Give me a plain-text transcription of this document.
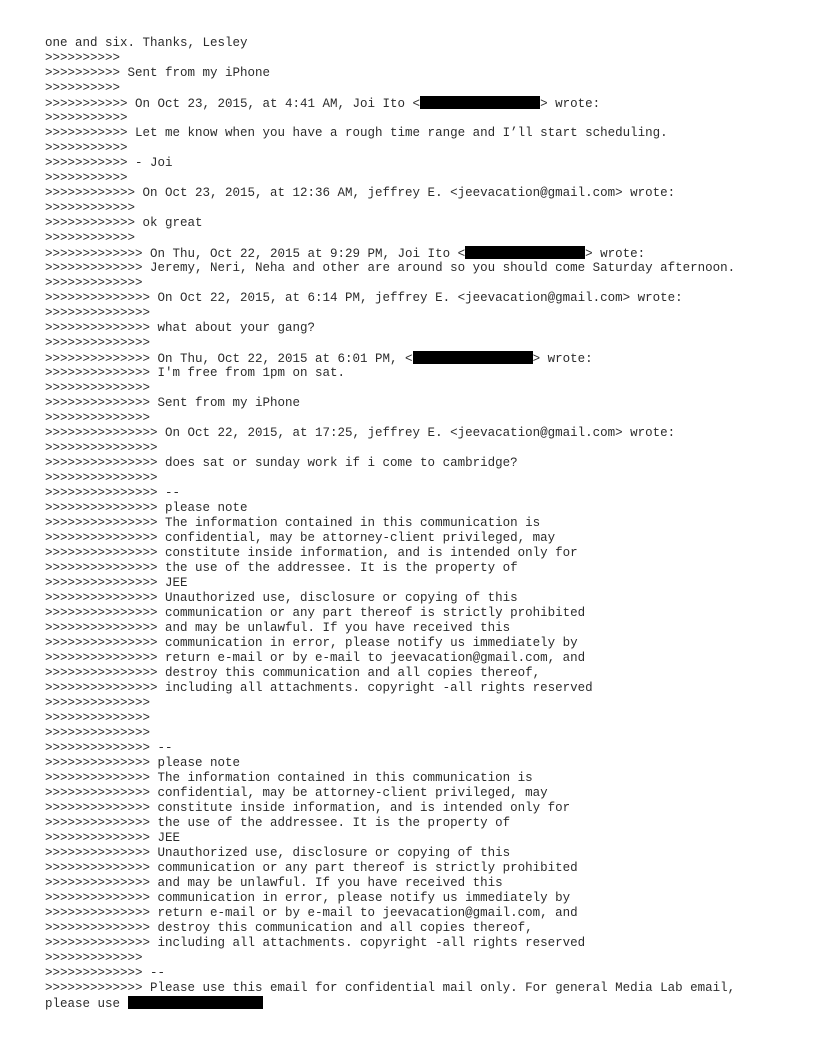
one and six. Thanks, Lesley
>>>>>>>>>>
>>>>>>>>>> Sent from my iPhone
>>>>>>>>>>
>>>>>>>>>>> On Oct 23, 2015, at 4:41 AM, Joi Ito <	> wrote:
>>>>>>>>>>>
>>>>>>>>>>> Let me know when you have a rough time range and I’ll start scheduling.
>>>>>>>>>>>
>>>>>>>>>>> - Joi
>>>>>>>>>>>
>>>>>>>>>>>> On Oct 23, 2015, at 12:36 AM, jeffrey E. <jeevacation@gmail.com> wrote:
>>>>>>>>>>>>
>>>>>>>>>>>> ok great
>>>>>>>>>>>>
>>>>>>>>>>>>> On Thu, Oct 22, 2015 at 9:29 PM, Joi Ito <	> wrote:
>>>>>>>>>>>>> Jeremy, Neri, Neha and other are around so you should come Saturday afternoon.
>>>>>>>>>>>>>
>>>>>>>>>>>>>> On Oct 22, 2015, at 6:14 PM, jeffrey E. <jeevacation@gmail.com> wrote:
>>>>>>>>>>>>>>
>>>>>>>>>>>>>> what about your gang?
>>>>>>>>>>>>>>
>>>>>>>>>>>>>> On Thu, Oct 22, 2015 at 6:01 PM, <	> wrote:
>>>>>>>>>>>>>> I'm free from 1pm on sat.
>>>>>>>>>>>>>>
>>>>>>>>>>>>>> Sent from my iPhone
>>>>>>>>>>>>>>
>>>>>>>>>>>>>>> On Oct 22, 2015, at 17:25, jeffrey E. <jeevacation@gmail.com> wrote:
>>>>>>>>>>>>>>>
>>>>>>>>>>>>>>> does sat or sunday work if i come to cambridge?
>>>>>>>>>>>>>>>
>>>>>>>>>>>>>>> --
>>>>>>>>>>>>>>> please note
>>>>>>>>>>>>>>> The information contained in this communication is
>>>>>>>>>>>>>>> confidential, may be attorney-client privileged, may
>>>>>>>>>>>>>>> constitute inside information, and is intended only for
>>>>>>>>>>>>>>> the use of the addressee. It is the property of
>>>>>>>>>>>>>>> JEE
>>>>>>>>>>>>>>> Unauthorized use, disclosure or copying of this
>>>>>>>>>>>>>>> communication or any part thereof is strictly prohibited
>>>>>>>>>>>>>>> and may be unlawful. If you have received this
>>>>>>>>>>>>>>> communication in error, please notify us immediately by
>>>>>>>>>>>>>>> return e-mail or by e-mail to jeevacation@gmail.com, and
>>>>>>>>>>>>>>> destroy this communication and all copies thereof,
>>>>>>>>>>>>>>> including all attachments. copyright -all rights reserved
>>>>>>>>>>>>>>
>>>>>>>>>>>>>>
>>>>>>>>>>>>>>
>>>>>>>>>>>>>> --
>>>>>>>>>>>>>> please note
>>>>>>>>>>>>>> The information contained in this communication is
>>>>>>>>>>>>>> confidential, may be attorney-client privileged, may
>>>>>>>>>>>>>> constitute inside information, and is intended only for
>>>>>>>>>>>>>> the use of the addressee. It is the property of
>>>>>>>>>>>>>> JEE
>>>>>>>>>>>>>> Unauthorized use, disclosure or copying of this
>>>>>>>>>>>>>> communication or any part thereof is strictly prohibited
>>>>>>>>>>>>>> and may be unlawful. If you have received this
>>>>>>>>>>>>>> communication in error, please notify us immediately by
>>>>>>>>>>>>>> return e-mail or by e-mail to jeevacation@gmail.com, and
>>>>>>>>>>>>>> destroy this communication and all copies thereof,
>>>>>>>>>>>>>> including all attachments. copyright -all rights reserved
>>>>>>>>>>>>>
>>>>>>>>>>>>> --
>>>>>>>>>>>>> Please use this email for confidential mail only. For general Media Lab email,
please use
